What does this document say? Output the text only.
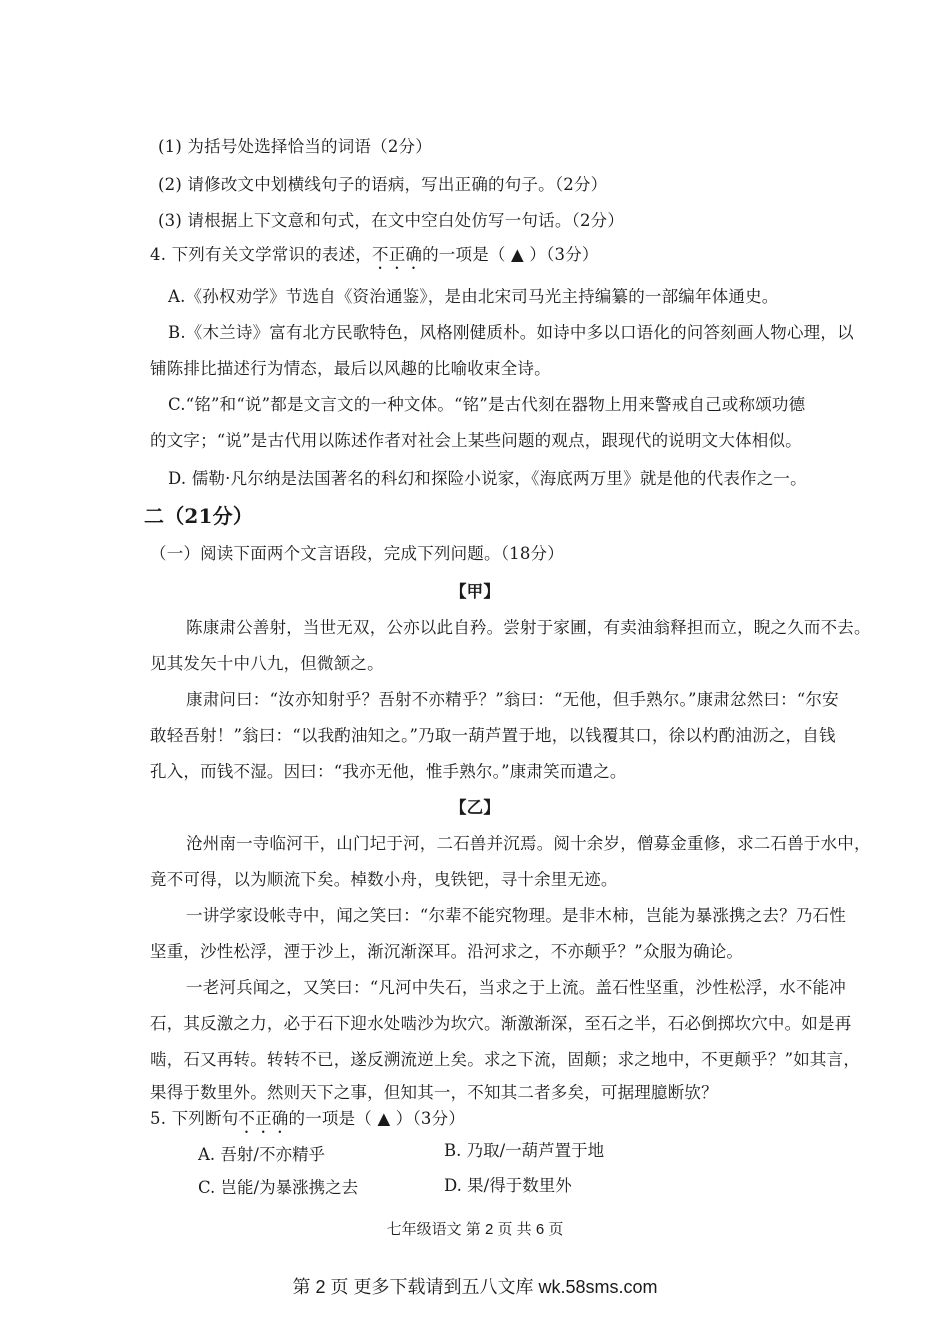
(1) 为括号处选择恰当的词语（2分）
(2) 请修改文中划横线句子的语病，写出正确的句子。（2分）
(3) 请根据上下文意和句式，在文中空白处仿写一句话。（2分）
4. 下列有关文学常识的表述，不正确的一项是（ ▲ ）（3分）
A.《孙权劝学》节选自《资治通鉴》，是由北宋司马光主持编纂的一部编年体通史。
B.《木兰诗》富有北方民歌特色，风格刚健质朴。如诗中多以口语化的问答刻画人物心理，以
铺陈排比描述行为情态，最后以风趣的比喻收束全诗。
C.“铭”和“说”都是文言文的一种文体。“铭”是古代刻在器物上用来警戒自己或称颂功德
的文字；“说”是古代用以陈述作者对社会上某些问题的观点，跟现代的说明文大体相似。
D. 儒勒·凡尔纳是法国著名的科幻和探险小说家，《海底两万里》就是他的代表作之一。
二（21分）
（一）阅读下面两个文言语段，完成下列问题。（18分）
【甲】
陈康肃公善射，当世无双，公亦以此自矜。尝射于家圃，有卖油翁释担而立，睨之久而不去。
见其发矢十中八九，但微颔之。
康肃问曰：“汝亦知射乎？吾射不亦精乎？”翁曰：“无他，但手熟尔。”康肃忿然曰：“尔安
敢轻吾射！”翁曰：“以我酌油知之。”乃取一葫芦置于地，以钱覆其口，徐以杓酌油沥之，自钱
孔入，而钱不湿。因曰：“我亦无他，惟手熟尔。”康肃笑而遣之。
【乙】
沧州南一寺临河干，山门圮于河，二石兽并沉焉。阅十余岁，僧募金重修，求二石兽于水中，
竟不可得，以为顺流下矣。棹数小舟，曳铁钯，寻十余里无迹。
一讲学家设帐寺中，闻之笑曰：“尔辈不能究物理。是非木柿，岂能为暴涨携之去？乃石性
坚重，沙性松浮，湮于沙上，渐沉渐深耳。沿河求之，不亦颠乎？”众服为确论。
一老河兵闻之，又笑曰：“凡河中失石，当求之于上流。盖石性坚重，沙性松浮，水不能冲
石，其反激之力，必于石下迎水处啮沙为坎穴。渐激渐深，至石之半，石必倒掷坎穴中。如是再
啮，石又再转。转转不已，遂反溯流逆上矣。求之下流，固颠；求之地中，不更颠乎？”如其言，
果得于数里外。然则天下之事，但知其一，不知其二者多矣，可据理臆断欤？
5. 下列断句不正确的一项是（ ▲ ）（3分）
A. 吾射/不亦精乎	B. 乃取/一葫芦置于地
C. 岂能/为暴涨携之去	D. 果/得于数里外
七年级语文 第 2 页 共 6 页
第 2 页 更多下载请到五八文库 wk.58sms.com
